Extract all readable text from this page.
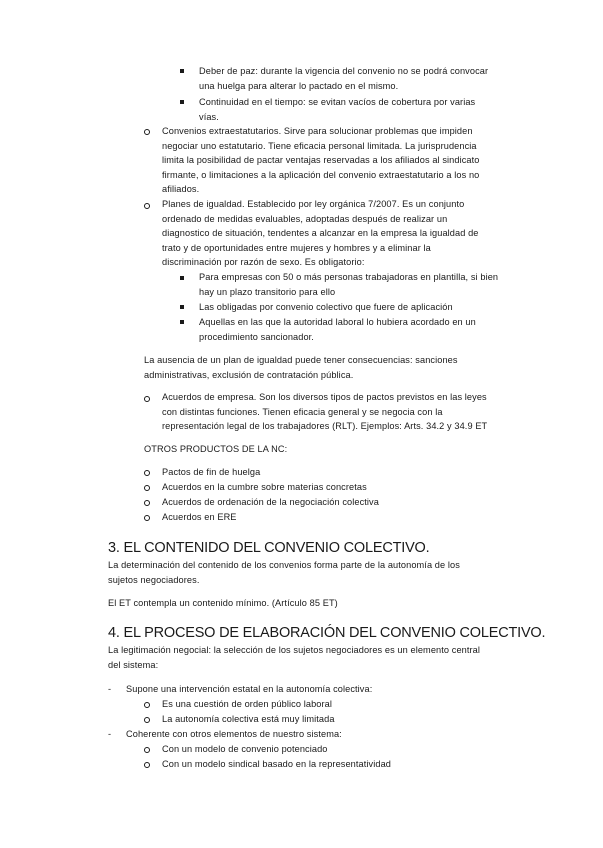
Deber de paz: durante la vigencia del convenio no se podrá convocar
una huelga para alterar lo pactado en el mismo.
Continuidad en el tiempo: se evitan vacíos de cobertura por varias
vías.
Convenios extraestatutarios. Sirve para solucionar problemas que impiden
negociar uno estatutario. Tiene eficacia personal limitada. La jurisprudencia
limita la posibilidad de pactar ventajas reservadas a los afiliados al sindicato
firmante, o limitaciones a la aplicación del convenio extraestatutario a los no
afiliados.
Planes de igualdad. Establecido por ley orgánica 7/2007. Es un conjunto
ordenado de medidas evaluables, adoptadas después de realizar un
diagnostico de situación, tendentes a alcanzar en la empresa la igualdad de
trato y de oportunidades entre mujeres y hombres y a eliminar la
discriminación por razón de sexo. Es obligatorio:
Para empresas con 50 o más personas trabajadoras en plantilla, si bien
hay un plazo transitorio para ello
Las obligadas por convenio colectivo que fuere de aplicación
Aquellas en las que la autoridad laboral lo hubiera acordado en un
procedimiento sancionador.
La ausencia de un plan de igualdad puede tener consecuencias: sanciones
administrativas, exclusión de contratación pública.
Acuerdos de empresa. Son los diversos tipos de pactos previstos en las leyes
con distintas funciones. Tienen eficacia general y se negocia con la
representación legal de los trabajadores (RLT). Ejemplos: Arts. 34.2 y 34.9 ET
OTROS PRODUCTOS DE LA NC:
Pactos de fin de huelga
Acuerdos en la cumbre sobre materias concretas
Acuerdos de ordenación de la negociación colectiva
Acuerdos en ERE
3. EL CONTENIDO DEL CONVENIO COLECTIVO.
La determinación del contenido de los convenios forma parte de la autonomía de los
sujetos negociadores.
El ET contempla un contenido mínimo. (Artículo 85 ET)
4. EL PROCESO DE ELABORACIÓN DEL CONVENIO COLECTIVO.
La legitimación negocial: la selección de los sujetos negociadores es un elemento central
del sistema:
- Supone una intervención estatal en la autonomía colectiva:
Es una cuestión de orden público laboral
La autonomía colectiva está muy limitada
- Coherente con otros elementos de nuestro sistema:
Con un modelo de convenio potenciado
Con un modelo sindical basado en la representatividad
